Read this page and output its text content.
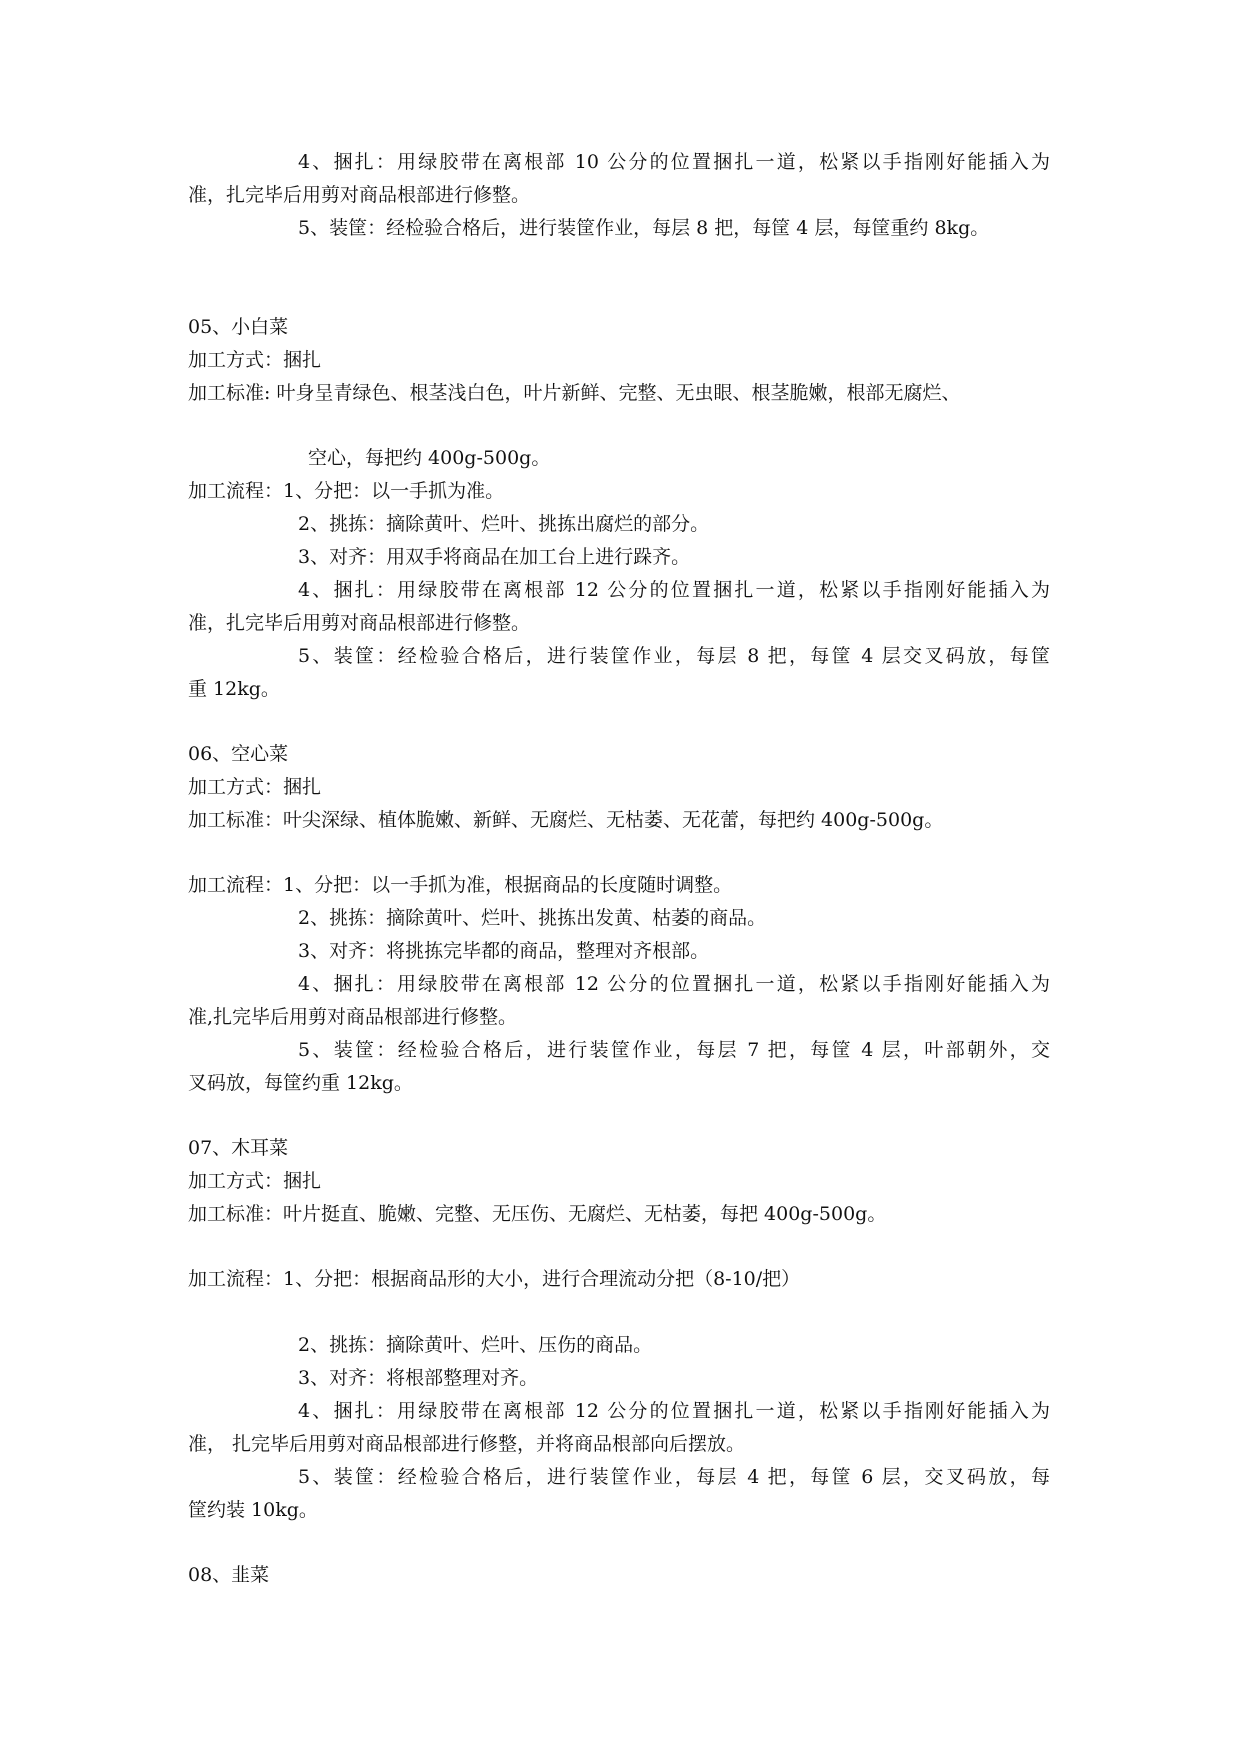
4、捆扎：用绿胶带在离根部 10 公分的位置捆扎一道，松紧以手指刚好能插入为
准，扎完毕后用剪对商品根部进行修整。
5、装筐：经检验合格后，进行装筐作业，每层 8 把，每筐 4 层，每筐重约 8kg。
05、小白菜
加工方式：捆扎
加工标准: 叶身呈青绿色、根茎浅白色，叶片新鲜、完整、无虫眼、根茎脆嫩，根部无腐烂、
空心，每把约 400g-500g。
加工流程：1、分把：以一手抓为准。
2、挑拣：摘除黄叶、烂叶、挑拣出腐烂的部分。
3、对齐：用双手将商品在加工台上进行跺齐。
4、捆扎：用绿胶带在离根部 12 公分的位置捆扎一道，松紧以手指刚好能插入为
准，扎完毕后用剪对商品根部进行修整。
5、装筐：经检验合格后，进行装筐作业，每层 8 把，每筐 4 层交叉码放，每筐
重 12kg。
06、空心菜
加工方式：捆扎
加工标准：叶尖深绿、植体脆嫩、新鲜、无腐烂、无枯萎、无花蕾，每把约 400g-500g。
加工流程：1、分把：以一手抓为准，根据商品的长度随时调整。
2、挑拣：摘除黄叶、烂叶、挑拣出发黄、枯萎的商品。
3、对齐：将挑拣完毕都的商品，整理对齐根部。
4、捆扎：用绿胶带在离根部 12 公分的位置捆扎一道，松紧以手指刚好能插入为
准,扎完毕后用剪对商品根部进行修整。
5、装筐：经检验合格后，进行装筐作业，每层 7 把，每筐 4 层，叶部朝外，交
叉码放，每筐约重 12kg。
07、木耳菜
加工方式：捆扎
加工标准：叶片挺直、脆嫩、完整、无压伤、无腐烂、无枯萎，每把 400g-500g。
加工流程：1、分把：根据商品形的大小，进行合理流动分把（8-10/把）
2、挑拣：摘除黄叶、烂叶、压伤的商品。
3、对齐：将根部整理对齐。
4、捆扎：用绿胶带在离根部 12 公分的位置捆扎一道，松紧以手指刚好能插入为
准， 扎完毕后用剪对商品根部进行修整，并将商品根部向后摆放。
5、装筐：经检验合格后，进行装筐作业，每层 4 把，每筐 6 层，交叉码放，每
筐约装 10kg。
08、韭菜
